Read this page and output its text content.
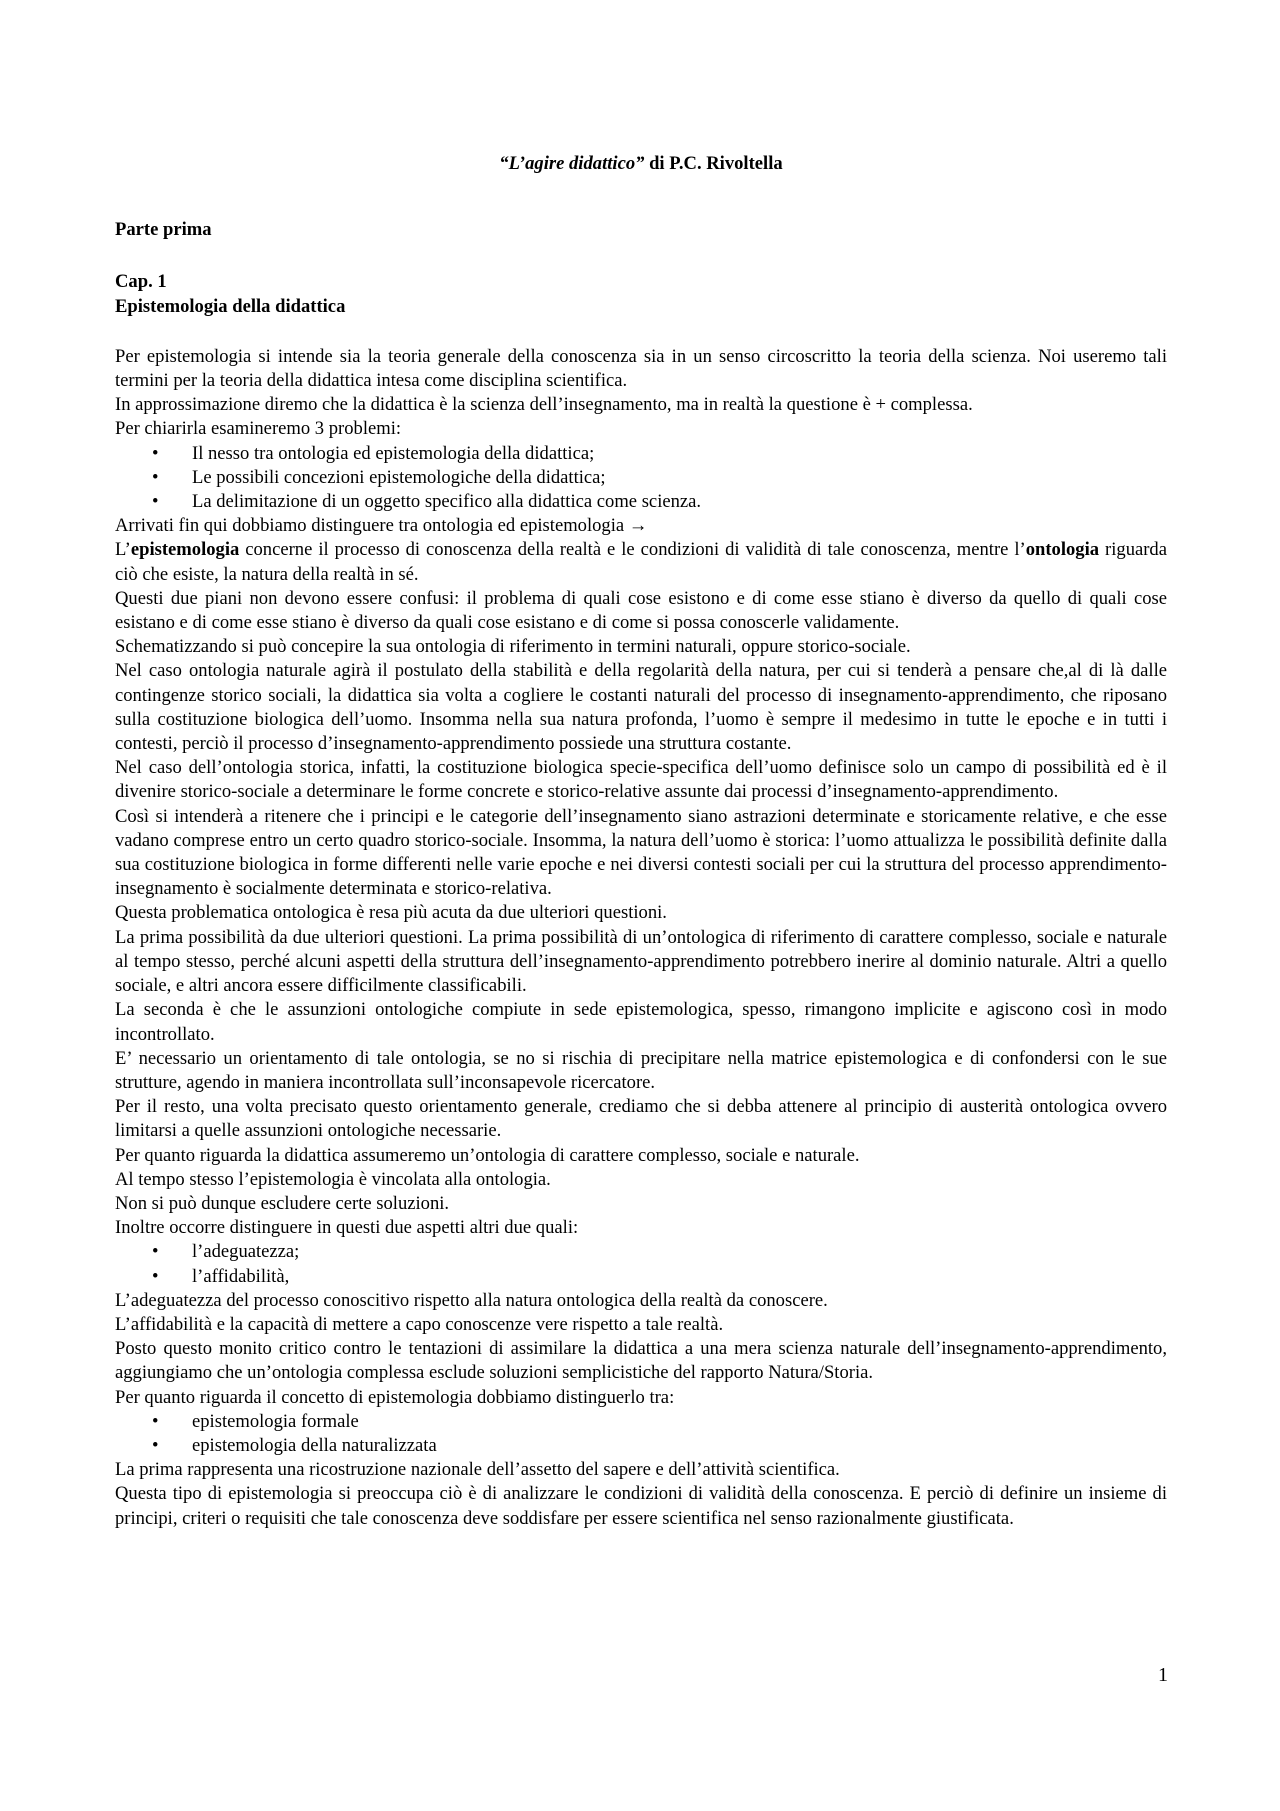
“L’agire didattico” di P.C. Rivoltella

Parte prima

Cap. 1

Epistemologia della didattica

Per epistemologia si intende sia la teoria generale della conoscenza sia in un senso circoscritto la teoria della scienza. Noi useremo tali termini per la teoria della didattica intesa come disciplina scientifica.

In approssimazione diremo che la didattica è la scienza dell’insegnamento, ma in realtà la questione è + complessa.

Per chiarirla esamineremo 3 problemi:

• Il nesso tra ontologia ed epistemologia della didattica;
• Le possibili concezioni epistemologiche della didattica;
• La delimitazione di un oggetto specifico alla didattica come scienza.

Arrivati fin qui dobbiamo distinguere tra ontologia ed epistemologia →

L’epistemologia concerne il processo di conoscenza della realtà e le condizioni di validità di tale conoscenza, mentre l’ontologia riguarda ciò che esiste, la natura della realtà in sé.

Questi due piani non devono essere confusi: il problema di quali cose esistono e di come esse stiano è diverso da quello di quali cose esistano e di come esse stiano è diverso da quali cose esistano e di come si possa conoscerle validamente.

Schematizzando si può concepire la sua ontologia di riferimento in termini naturali, oppure storico-sociale.

Nel caso ontologia naturale agirà il postulato della stabilità e della regolarità della natura, per cui si tenderà a pensare che,al di là dalle contingenze storico sociali, la didattica sia volta a cogliere le costanti naturali del processo di insegnamento-apprendimento, che riposano sulla costituzione biologica dell’uomo. Insomma nella sua natura profonda, l’uomo è sempre il medesimo in tutte le epoche e in tutti i contesti, perciò il processo d’insegnamento-apprendimento possiede una struttura costante.

Nel caso dell’ontologia storica, infatti, la costituzione biologica specie-specifica dell’uomo definisce solo un campo di possibilità ed è il divenire storico-sociale a determinare le forme concrete e storico-relative assunte dai processi d’insegnamento-apprendimento.

Così si intenderà a ritenere che i principi e le categorie dell’insegnamento siano astrazioni determinate e storicamente relative, e che esse vadano comprese entro un certo quadro storico-sociale. Insomma, la natura dell’uomo è storica: l’uomo attualizza le possibilità definite dalla sua costituzione biologica in forme differenti nelle varie epoche e nei diversi contesti sociali per cui la struttura del processo apprendimento-insegnamento è socialmente determinata e storico-relativa.

Questa problematica ontologica è resa più acuta da due ulteriori questioni.

La prima possibilità da due ulteriori questioni. La prima possibilità di un’ontologica di riferimento di carattere complesso, sociale e naturale al tempo stesso, perché alcuni aspetti della struttura dell’insegnamento-apprendimento potrebbero inerire al dominio naturale. Altri a quello sociale, e altri ancora essere difficilmente classificabili.

La seconda è che le assunzioni ontologiche compiute in sede epistemologica, spesso, rimangono implicite e agiscono così in modo incontrollato.

E’ necessario un orientamento di tale ontologia, se no si rischia di precipitare nella matrice epistemologica e di confondersi con le sue strutture, agendo in maniera incontrollata sull’inconsapevole ricercatore.

Per il resto, una volta precisato questo orientamento generale, crediamo che si debba attenere al principio di austerità ontologica ovvero limitarsi a quelle assunzioni ontologiche necessarie.

Per quanto riguarda la didattica assumeremo un’ontologia di carattere complesso, sociale e naturale.

Al tempo stesso l’epistemologia è vincolata alla ontologia.

Non si può dunque escludere certe soluzioni.

Inoltre occorre distinguere in questi due aspetti altri due quali:

• l’adeguatezza;
• l’affidabilità,

L’adeguatezza del processo conoscitivo rispetto alla natura ontologica della realtà da conoscere.

L’affidabilità e la capacità di mettere a capo conoscenze vere rispetto a tale realtà.

Posto questo monito critico contro le tentazioni di assimilare la didattica a una mera scienza naturale dell’insegnamento-apprendimento, aggiungiamo che un’ontologia complessa esclude soluzioni semplicistiche del rapporto Natura/Storia.

Per quanto riguarda il concetto di epistemologia dobbiamo distinguerlo tra:

• epistemologia formale
• epistemologia della naturalizzata

La prima rappresenta una ricostruzione nazionale dell’assetto del sapere e dell’attività scientifica.

Questa tipo di epistemologia si preoccupa ciò è di analizzare le condizioni di validità della conoscenza. E perciò di definire un insieme di principi, criteri o requisiti che tale conoscenza deve soddisfare per essere scientifica nel senso razionalmente giustificata.

1
